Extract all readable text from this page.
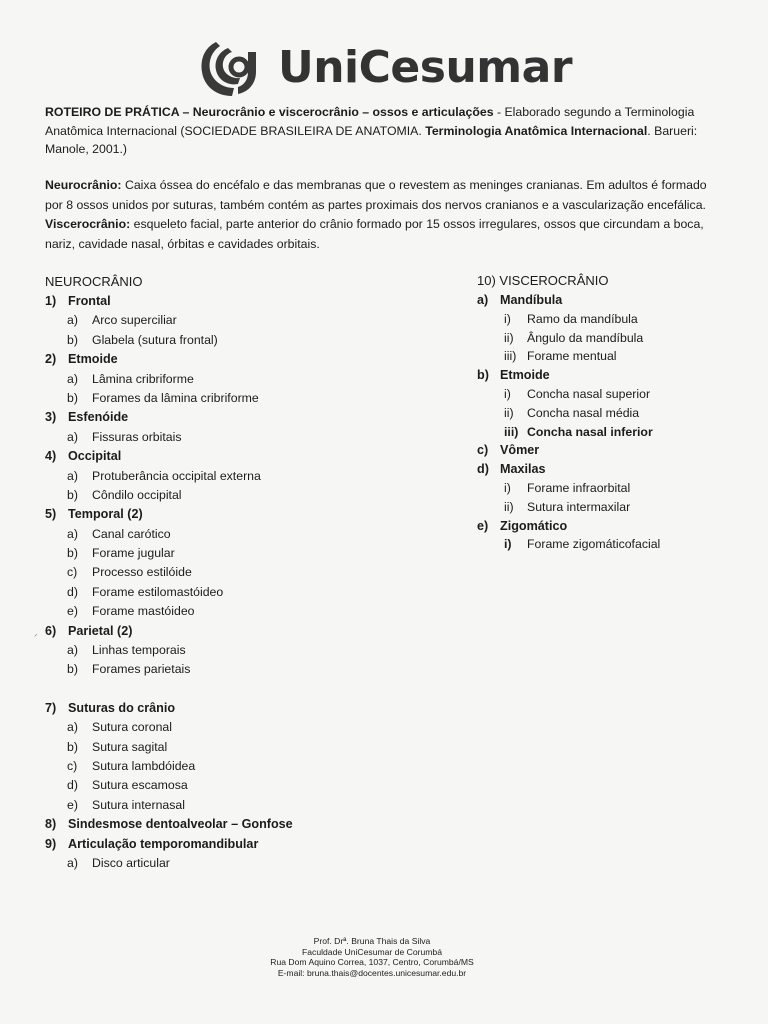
UniCesumar
ROTEIRO DE PRÁTICA – Neurocrânio e viscerocrânio – ossos e articulações - Elaborado segundo a Terminologia Anatômica Internacional (SOCIEDADE BRASILEIRA DE ANATOMIA. Terminologia Anatômica Internacional. Barueri: Manole, 2001.)
Neurocrânio: Caixa óssea do encéfalo e das membranas que o revestem as meninges cranianas. Em adultos é formado por 8 ossos unidos por suturas, também contém as partes proximais dos nervos cranianos e a vascularização encefálica.
Viscerocrânio: esqueleto facial, parte anterior do crânio formado por 15 ossos irregulares, ossos que circundam a boca, nariz, cavidade nasal, órbitas e cavidades orbitais.
NEUROCRÂNIO
1) Frontal
a)	Arco superciliar
b)	Glabela (sutura frontal)
2) Etmoide
a)	Lâmina cribriforme
b)	Forames da lâmina cribriforme
3) Esfenóide
a)	Fissuras orbitais
4) Occipital
a)	Protuberância occipital externa
b)	Côndilo occipital
5) Temporal (2)
a)	Canal carótico
b)	Forame jugular
c)	Processo estilóide
d)	Forame estilomastóideo
e)	Forame mastóideo
6) Parietal (2)
a)	Linhas temporais
b)	Forames parietais
7) Suturas do crânio
a)	Sutura coronal
b)	Sutura sagital
c)	Sutura lambdóidea
d)	Sutura escamosa
e)	Sutura internasal
8) Sindesmose dentoalveolar – Gonfose
9) Articulação temporomandibular
a)	Disco articular
10) VISCEROCRÂNIO
a) Mandíbula
i)	Ramo da mandíbula
ii)	Ângulo da mandíbula
iii) Forame mentual
b) Etmoide
i)	Concha nasal superior
ii)	Concha nasal média
iii) Concha nasal inferior
c) Vômer
d) Maxilas
i)	Forame infraorbital
ii)	Sutura intermaxilar
e) Zigomático
i)	Forame zigomáticofacial
Prof. Drª. Bruna Thais da Silva
Faculdade UniCesumar de Corumbá
Rua Dom Aquino Correa, 1037, Centro, Corumbá/MS
E-mail: bruna.thais@docentes.unicesumar.edu.br
ᐟ
